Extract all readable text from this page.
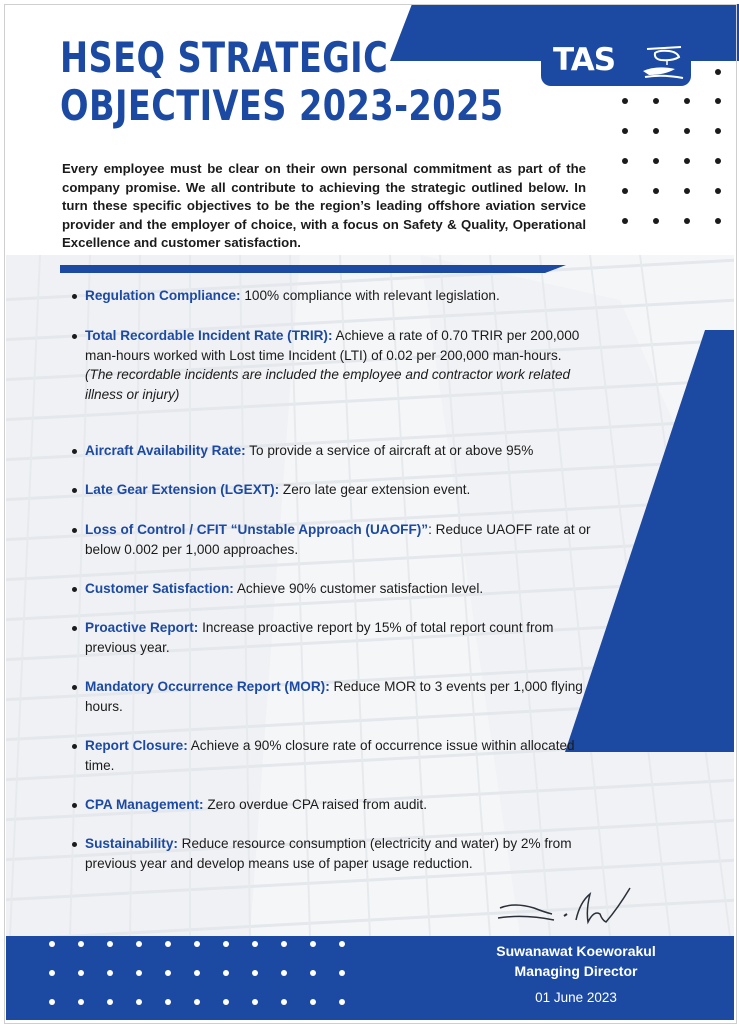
TAS
HSEQ STRATEGIC
OBJECTIVES 2023-2025

Every employee must be clear on their own personal commitment as part of the company promise. We all contribute to achieving the strategic outlined below. In turn these specific objectives to be the region’s leading offshore aviation service provider and the employer of choice, with a focus on Safety & Quality, Operational Excellence and customer satisfaction.

Regulation Compliance: 100% compliance with relevant legislation.
Total Recordable Incident Rate (TRIR): Achieve a rate of 0.70 TRIR per 200,000 man-hours worked with Lost time Incident (LTI) of 0.02 per 200,000 man-hours.
(The recordable incidents are included the employee and contractor work related illness or injury)
Aircraft Availability Rate: To provide a service of aircraft at or above 95%
Late Gear Extension (LGEXT): Zero late gear extension event.
Loss of Control / CFIT “Unstable Approach (UAOFF)”: Reduce UAOFF rate at or below 0.002 per 1,000 approaches.
Customer Satisfaction: Achieve 90% customer satisfaction level.
Proactive Report: Increase proactive report by 15% of total report count from previous year.
Mandatory Occurrence Report (MOR): Reduce MOR to 3 events per 1,000 flying hours.
Report Closure: Achieve a 90% closure rate of occurrence issue within allocated time.
CPA Management: Zero overdue CPA raised from audit.
Sustainability: Reduce resource consumption (electricity and water) by 2% from previous year and develop means use of paper usage reduction.
Suwanawat Koeworakul
Managing Director
01 June 2023
